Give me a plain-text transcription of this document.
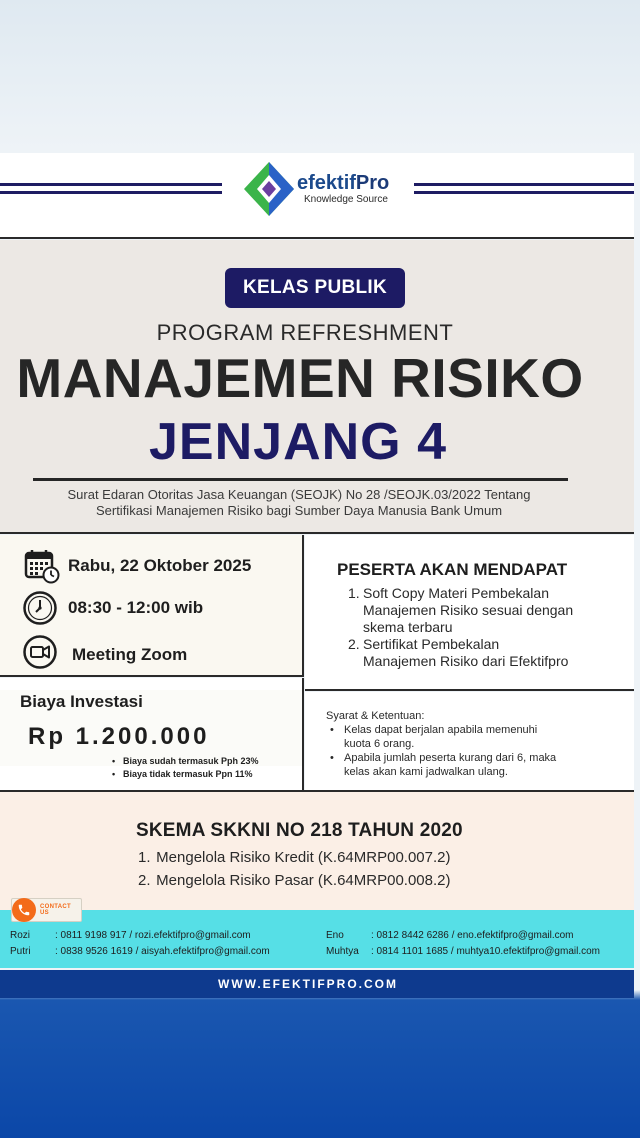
efektifPro
Knowledge Source
KELAS PUBLIK
PROGRAM REFRESHMENT
MANAJEMEN RISIKO
JENJANG 4
Surat Edaran Otoritas Jasa Keuangan (SEOJK) No 28 /SEOJK.03/2022 Tentang
Sertifikasi Manajemen Risiko bagi Sumber Daya Manusia Bank Umum
Rabu, 22 Oktober 2025
08:30 - 12:00 wib
Meeting Zoom
PESERTA AKAN MENDAPAT
1. Soft Copy Materi Pembekalan
Manajemen Risiko sesuai dengan
skema terbaru
2. Sertifikat Pembekalan
Manajemen Risiko dari Efektifpro
Syarat & Ketentuan:
• Kelas dapat berjalan apabila memenuhi
kuota 6 orang.
• Apabila jumlah peserta kurang dari 6, maka
kelas akan kami jadwalkan ulang.
Biaya Investasi
Rp 1.200.000
• Biaya sudah termasuk Pph 23%
• Biaya tidak termasuk Ppn 11%
SKEMA SKKNI NO 218 TAHUN 2020
1. Mengelola Risiko Kredit (K.64MRP00.007.2)
2. Mengelola Risiko Pasar (K.64MRP00.008.2)
CONTACT US
Rozi : 0811 9198 917 / rozi.efektifpro@gmail.com
Putri : 0838 9526 1619 / aisyah.efektifpro@gmail.com
Eno	: 0812 8442 6286 / eno.efektifpro@gmail.com
Muhtya : 0814 1101 1685 / muhtya10.efektifpro@gmail.com
WWW.EFEKTIFPRO.COM
